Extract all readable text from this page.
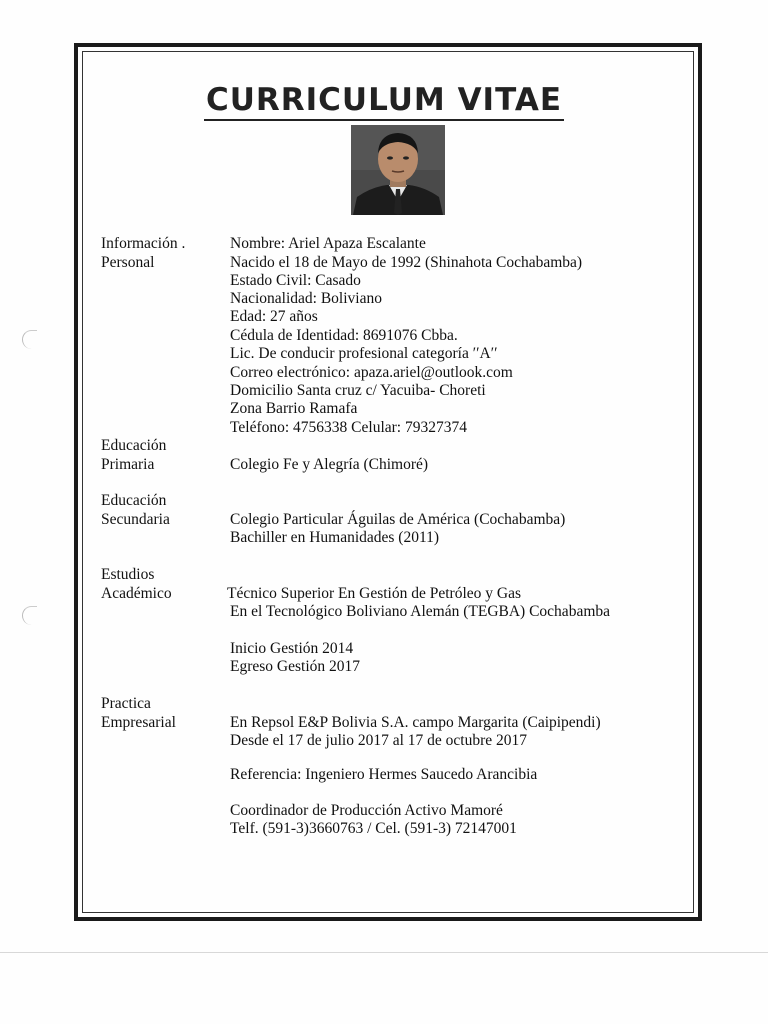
CURRICULUM VITAE
Información .	Nombre: Ariel Apaza Escalante
Personal	Nacido el 18 de Mayo de 1992 (Shinahota Cochabamba)
Estado Civil: Casado
Nacionalidad: Boliviano
Edad: 27 años
Cédula de Identidad: 8691076 Cbba.
Lic. De conducir profesional categoría ′′A′′
Correo electrónico: apaza.ariel@outlook.com
Domicilio Santa cruz c/ Yacuiba- Choreti
Zona Barrio Ramafa
Teléfono: 4756338 Celular: 79327374
Educación
Primaria	Colegio Fe y Alegría (Chimoré)
Educación
Secundaria	Colegio Particular Águilas de América (Cochabamba)
Bachiller en Humanidades (2011)
Estudios
Académico	Técnico Superior En Gestión de Petróleo y Gas
En el Tecnológico Boliviano Alemán (TEGBA) Cochabamba
Inicio Gestión 2014
Egreso Gestión 2017
Practica
Empresarial	En Repsol E&P Bolivia S.A. campo Margarita (Caipipendi)
Desde el 17 de julio 2017 al 17 de octubre 2017
Referencia: Ingeniero Hermes Saucedo Arancibia
Coordinador de Producción Activo Mamoré
Telf. (591-3)3660763 / Cel. (591-3) 72147001
